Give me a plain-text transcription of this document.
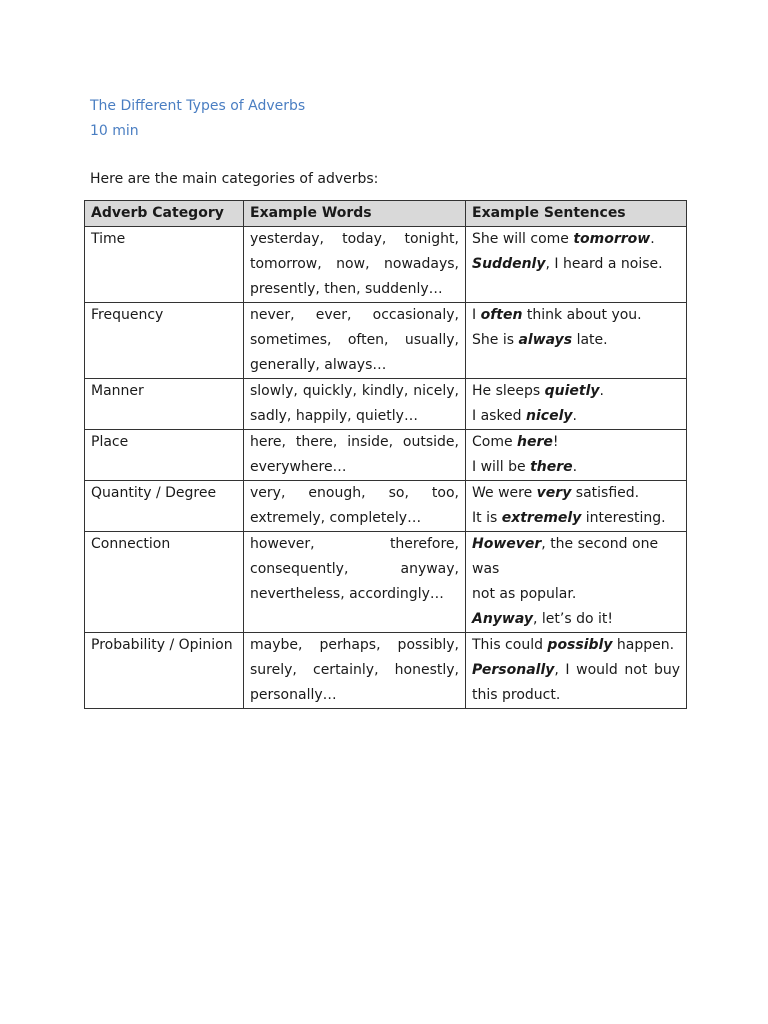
The Different Types of Adverbs
10 min
Here are the main categories of adverbs:
Adverb Category	Example Words	Example Sentences
Time	yesterday, today, tonight,
tomorrow, now, nowadays,
presently, then, suddenly…	She will come tomorrow.
Suddenly, I heard a noise.

Frequency	never, ever, occasionaly,
sometimes, often, usually,
generally, always…	I often think about you.
She is always late.

Manner	slowly, quickly, kindly, nicely,
sadly, happily, quietly…	He sleeps quietly.
I asked nicely.

Place	here, there, inside, outside,
everywhere…	Come here!
I will be there.

Quantity / Degree	very, enough, so, too,
extremely, completely…	We were very satisfied.
It is extremely interesting.

Connection	however, therefore,
consequently, anyway,
nevertheless, accordingly…	However, the second one was
not as popular.
Anyway, let’s do it!

Probability / Opinion	maybe, perhaps, possibly,
surely, certainly, honestly,
personally…	This could possibly happen.
Personally, I would not buy
this product.
